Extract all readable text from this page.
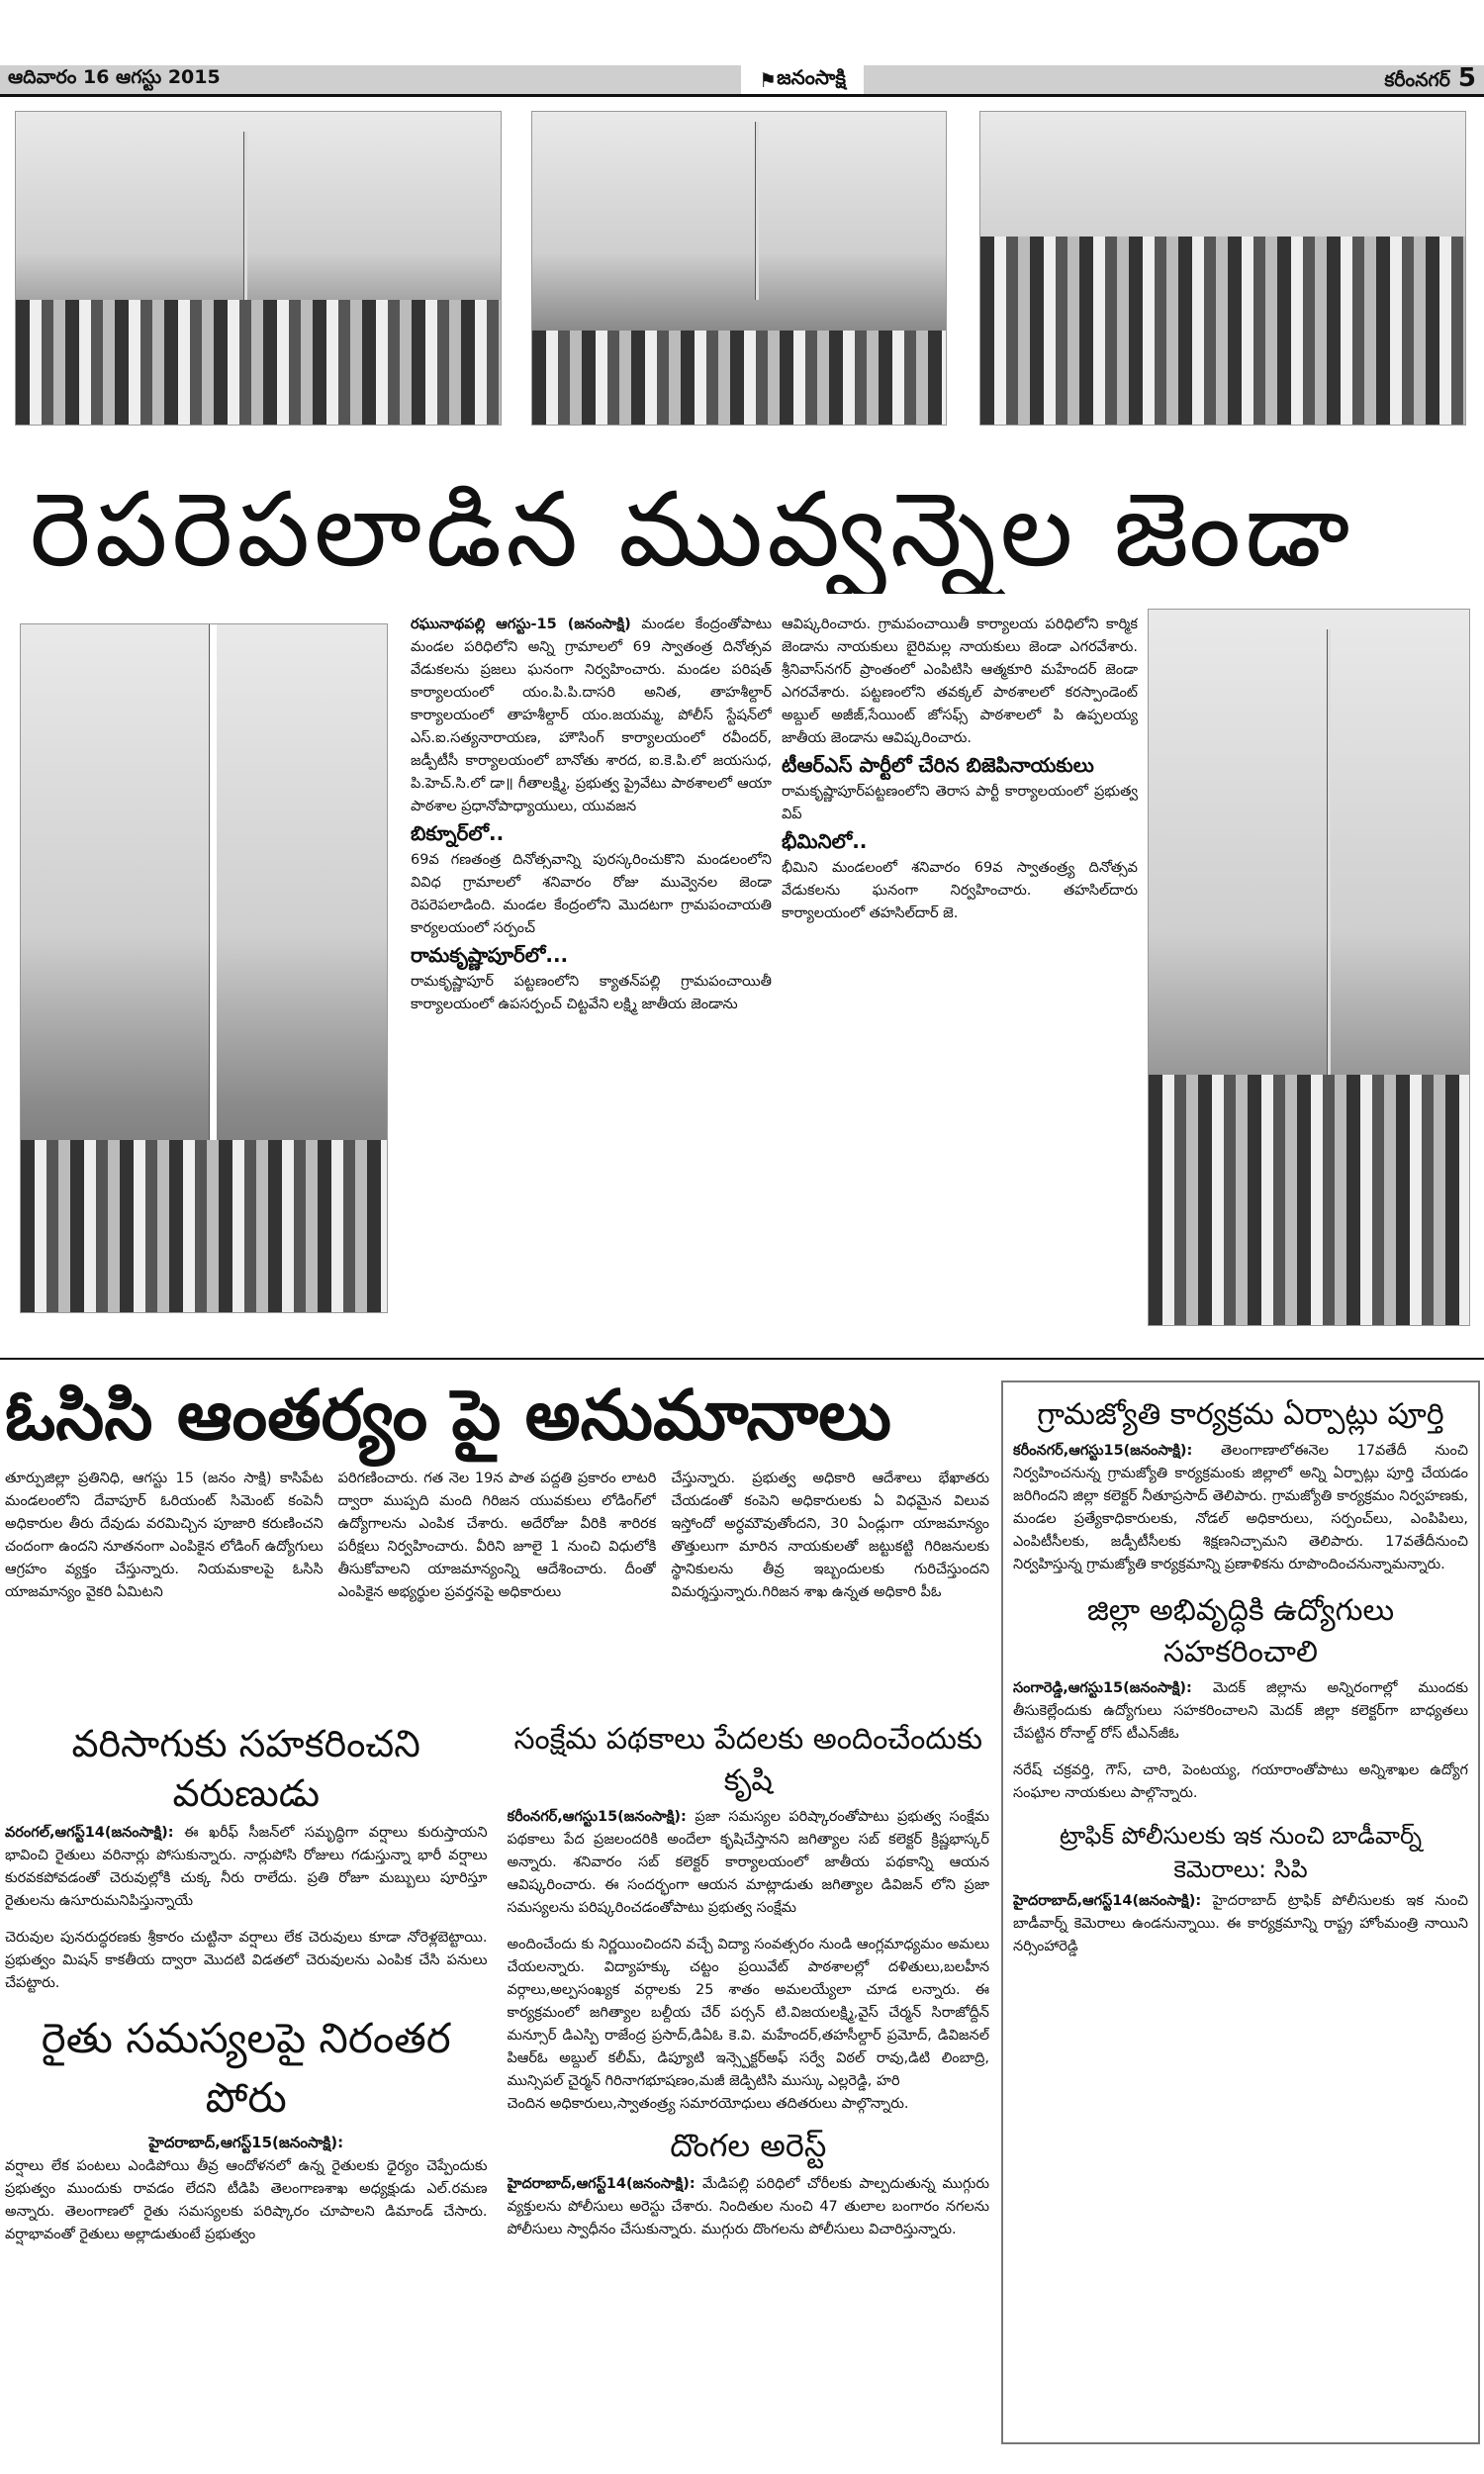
ఆదివారం 16 ఆగస్టు 2015	⚑ జనంసాక్షి	కరీంనగర్ 5
రెపరెపలాడిన మువ్వన్నెల జెండా

రఘునాథపల్లి ఆగస్టు-15 (జనంసాక్షి) మండల కేంద్రంతోపాటు మండల పరిధిలోని అన్ని గ్రామాలలో 69 స్వాతంత్ర దినోత్సవ వేడుకలను ప్రజలు ఘనంగా నిర్వహించారు. మండల పరిషత్ కార్యాలయంలో యం.పి.పి.దాసరి అనిత, తాహశీల్దార్ కార్యాలయంలో తాహశీల్దార్ యం.జయమ్మ, పోలీస్ స్టేషన్‌లో ఎస్.ఐ.సత్యనారాయణ, హౌసింగ్ కార్యాలయంలో రవీందర్, జడ్పీటీసీ కార్యాలయంలో బానోతు శారద, ఐ.కె.పి.లో జయసుధ, పి.హెచ్.సి.లో డా॥ గీతాలక్ష్మి, ప్రభుత్వ ప్రైవేటు పాఠశాలలో ఆయా పాఠశాల ప్రధానోపాధ్యాయులు, యువజన

బిక్నూర్‌లో..

69వ గణతంత్ర దినోత్సవాన్ని పురస్కరించుకొని మండలంలోని వివిధ గ్రామాలలో శనివారం రోజు మువ్వెనల జెండా రెపరెపలాడింది. మండల కేంద్రంలోని మొదటగా గ్రామపంచాయతి కార్యలయంలో సర్పంచ్

రామకృష్ణాపూర్‌లో...

రామకృష్ణాపూర్ పట్టణంలోని క్యాతన్‌పల్లి గ్రామపంచాయితీ కార్యాలయంలో ఉపసర్పంచ్ చిట్టవేని లక్ష్మి జాతీయ జెండాను

ఆవిష్కరించారు. గ్రామపంచాయితీ కార్యాలయ పరిధిలోని కార్మిక జెండాను నాయకులు బైరిమల్ల నాయకులు జెండా ఎగరవేశారు. శ్రీనివాస్‌నగర్ ప్రాంతంలో ఎంపిటిసి ఆత్మకూరి మహేందర్ జెండా ఎగరవేశారు. పట్టణంలోని తవక్కల్ పాఠశాలలో కరస్పాండెంట్ అబ్దుల్ అజీజ్,సేయింట్ జోసఫ్స్ పాఠశాలలో పి ఉప్పలయ్య జాతీయ జెండాను ఆవిష్కరించారు.

టీఆర్ఎస్ పార్టీలో చేరిన బిజెపినాయకులు

రామకృష్ణాపూర్‌పట్టణంలోని తెరాస పార్టీ కార్యాలయంలో ప్రభుత్వ విప్

భీమినిలో..

భీమిని మండలంలో శనివారం 69వ స్వాతంత్ర్య దినోత్సవ వేడుకలను ఘనంగా నిర్వహించారు. తహసిల్‌దారు కార్యాలయంలో తహసిల్‌దార్ జె.

ఓసిసి ఆంతర్యం పై అనుమానాలు

తూర్పుజిల్లా ప్రతినిధి, ఆగస్టు 15 (జనం సాక్షి) కాసిపేట మండలంలోని దేవాపూర్ ఓరియంట్ సిమెంట్ కంపెనీ అధికారుల తీరు దేవుడు వరమిచ్చిన పూజారి కరుణించని చందంగా ఉందని నూతనంగా ఎంపికైన లోడింగ్ ఉద్యోగులు ఆగ్రహం వ్యక్తం చేస్తున్నారు. నియమకాలపై ఓసిసి యాజమాన్యం వైకరి ఏమిటని

పరిగణించారు. గత నెల 19న పాత పద్దతి ప్రకారం లాటరి ద్వారా ముప్పది మంది గిరిజన యువకులు లోడింగ్‌లో ఉద్యోగాలను ఎంపిక చేశారు. అదేరోజు వీరికి శారిరక పరీక్షలు నిర్వహించారు. వీరిని జూలై 1 నుంచి విధులోకి తీసుకోవాలని యాజమాన్యంన్ని ఆదేశించారు. దీంతో ఎంపికైన అభ్యర్థుల ప్రవర్తనపై అధికారులు

చేస్తున్నారు. ప్రభుత్వ అధికారి ఆదేశాలు భేఖాతరు చేయడంతో కంపెని అధికారులకు ఏ విధమైన విలువ ఇస్తోందో అర్ధమౌవుతోందని, 30 ఏండ్లుగా యాజమాన్యం తొత్తులుగా మారిన నాయకులతో జట్టుకట్టి గిరిజనులకు స్థానికులను తీవ్ర ఇబ్బందులకు గురిచేస్తుందని విమర్శస్తున్నారు.గిరిజన శాఖ ఉన్నత అధికారి పీఓ

వరిసాగుకు సహకరించని వరుణుడు

వరంగల్,ఆగస్ట్14(జనంసాక్షి): ఈ ఖరీఫ్ సీజన్‌లో సమృద్ధిగా వర్షాలు కురుస్తాయని భావించి రైతులు వరినార్లు పోసుకున్నారు. నార్లుపోసి రోజులు గడుస్తున్నా భారీ వర్షాలు కురవకపోవడంతో చెరువుల్లోకి చుక్క నీరు రాలేదు. ప్రతి రోజూ మబ్బులు పూరిస్తూ రైతులను ఉసూరుమనిపిస్తున్నాయే

చెరువుల పునరుద్ధరణకు శ్రీకారం చుట్టినా వర్షాలు లేక చెరువులు కూడా నోరెళ్లబెట్టాయి. ప్రభుత్వం మిషన్ కాకతీయ ద్వారా మొదటి విడతలో చెరువులను ఎంపిక చేసి పనులు చేపట్టారు.

రైతు సమస్యలపై నిరంతర పోరు
హైదరాబాద్,ఆగస్ట్15(జనంసాక్షి):

వర్షాలు లేక పంటలు ఎండిపోయి తీవ్ర ఆందోళనలో ఉన్న రైతులకు ధైర్యం చెప్పేందుకు ప్రభుత్వం ముందుకు రావడం లేదని టీడిపి తెలంగాణశాఖ అధ్యక్షుడు ఎల్.రమణ అన్నారు. తెలంగాణలో రైతు సమస్యలకు పరిష్కారం చూపాలని డిమాండ్ చేసారు. వర్షాభావంతో రైతులు అల్లాడుతుంటే ప్రభుత్వం

సంక్షేమ పథకాలు పేదలకు అందించేందుకు కృషి

కరీంనగర్,ఆగస్టు15(జనంసాక్షి): ప్రజా సమస్యల పరిష్కారంతోపాటు ప్రభుత్వ సంక్షేమ పథకాలు పేద ప్రజలందరికి అందేలా కృషిచేస్తానని జగిత్యాల సబ్ కలెక్టర్ క్రిష్ణభాస్కర్ అన్నారు. శనివారం సబ్ కలెక్టర్ కార్యాలయంలో జాతీయ పథకాన్ని ఆయన ఆవిష్కరించారు. ఈ సందర్భంగా ఆయన మాట్లాడుతు జగిత్యాల డివిజన్ లోని ప్రజా సమస్యలను పరిష్కరించడంతోపాటు ప్రభుత్వ సంక్షేమ

అందించేందు కు నిర్ణయించిందని వచ్చే విద్యా సంవత్సరం నుండి ఆంగ్లమాధ్యమం అమలు చేయలన్నారు. విద్యాహక్కు చట్టం ప్రయివేట్ పాఠశాలల్లో దళితులు,బలహీన వర్గాలు,అల్పసంఖ్యక వర్గాలకు 25 శాతం అమలయ్యేలా చూడ లన్నారు. ఈ కార్యక్రమంలో జగిత్యాల బల్దీయ చేర్ పర్సన్ టి.విజయలక్ష్మి,వైస్ చేర్మన్ సిరాజోద్దీన్ మన్సూర్ డిఎస్పి రాజేంద్ర ప్రసాద్,డిఏఓ కె.వి. మహేందర్,తహసీల్దార్ ప్రమోద్, డివిజనల్ పిఆర్ఓ అబ్దుల్ కలీమ్, డిప్యూటి ఇన్స్పెక్టర్‌అఫ్ సర్వే విఠల్ రావు,డిటి లింబాద్రి, మున్సిపల్ చైర్మన్ గిరినాగభూషణం,మజీ జెడ్పిటిసి ముస్కు ఎల్లరెడ్డి, హరి

చెందిన అధికారులు,స్వాతంత్ర్య సమారయోధులు తదితరులు పాల్గొన్నారు.

దొంగల అరెస్ట్

హైదరాబాద్,ఆగస్ట్14(జనంసాక్షి): మేడిపల్లి పరిధిలో చోరీలకు పాల్పదుతున్న ముగ్గురు వ్యక్తులను పోలీసులు అరెస్టు చేశారు. నిందితుల నుంచి 47 తులాల బంగారం నగలను పోలీసులు స్వాధీనం చేసుకున్నారు. ముగ్గురు దొంగలను పోలీసులు విచారిస్తున్నారు.

గ్రామజ్యోతి కార్యక్రమ ఏర్పాట్లు పూర్తి

కరీంనగర్,ఆగస్టు15(జనంసాక్షి): తెలంగాణాలోఈనెల 17వతేదీ నుంచి నిర్వహించనున్న గ్రామజ్యోతి కార్యక్రమంకు జిల్లాలో అన్ని ఏర్పాట్లు పూర్తి చేయడం జరిగిందని జిల్లా కలెక్టర్ నీతూప్రసాద్ తెలిపారు. గ్రామజ్యోతి కార్యక్రమం నిర్వహణకు, మండల ప్రత్యేకాధికారులకు, నోడల్ అధికారులు, సర్పంచ్‌లు, ఎంపిపిలు, ఎంపిటీసీలకు, జడ్పీటీసీలకు శిక్షణనిచ్చామని తెలిపారు. 17వతేదీనుంచి నిర్వహిస్తున్న గ్రామజ్యోతి కార్యక్రమాన్ని ప్రణాళికను రూపొందించనున్నామన్నారు.

జిల్లా అభివృద్ధికి ఉద్యోగులు సహకరించాలి

సంగారెడ్డి,ఆగస్టు15(జనంసాక్షి): మెదక్ జిల్లాను అన్నిరంగాల్లో ముందకు తీసుకెల్లేందుకు ఉద్యోగులు సహకరించాలని మెదక్ జిల్లా కలెక్టర్‌గా బాధ్యతలు చేపట్టిన రోనాల్డ్ రోస్ టీఎన్‌జీఓ

నరేష్ చక్రవర్తి, గౌస్, చారి, పెంటయ్య, గయారాంతోపాటు అన్నిశాఖల ఉద్యోగ సంఘాల నాయకులు పాల్గొన్నారు.

ట్రాఫిక్ పోలీసులకు ఇక నుంచి బాడీవార్న్ కెమెరాలు: సిపి

హైదరాబాద్,ఆగస్ట్14(జనంసాక్షి): హైదరాబాద్ ట్రాఫిక్ పోలీసులకు ఇక నుంచి బాడీవార్న్ కెమెరాలు ఉండనున్నాయి. ఈ కార్యక్రమాన్ని రాష్ట్ర హోంమంత్రి నాయిని నర్సింహారెడ్డి
